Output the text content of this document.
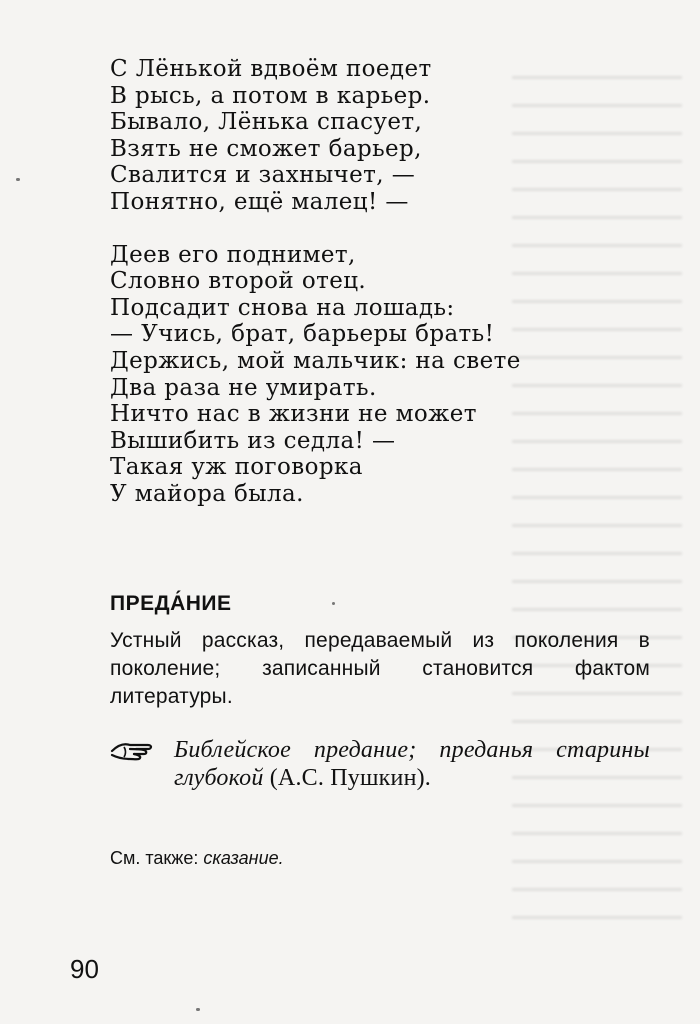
С Лёнькой вдвоём поедет
В рысь, а потом в карьер.
Бывало, Лёнька спасует,
Взять не сможет барьер,
Свалится и захнычет, —
Понятно, ещё малец! —
Деев его поднимет,
Словно второй отец.
Подсадит снова на лошадь:
— Учись, брат, барьеры брать!
Держись, мой мальчик: на свете
Два раза не умирать.
Ничто нас в жизни не может
Вышибить из седла! —
Такая уж поговорка
У майора была.
ПРЕДА́НИЕ

Устный рассказ, передаваемый из поколения в поколение; записанный становится фактом литературы.

Библейское предание; преданья старины глубокой (А.С. Пушкин).

См. также: сказание.

90
